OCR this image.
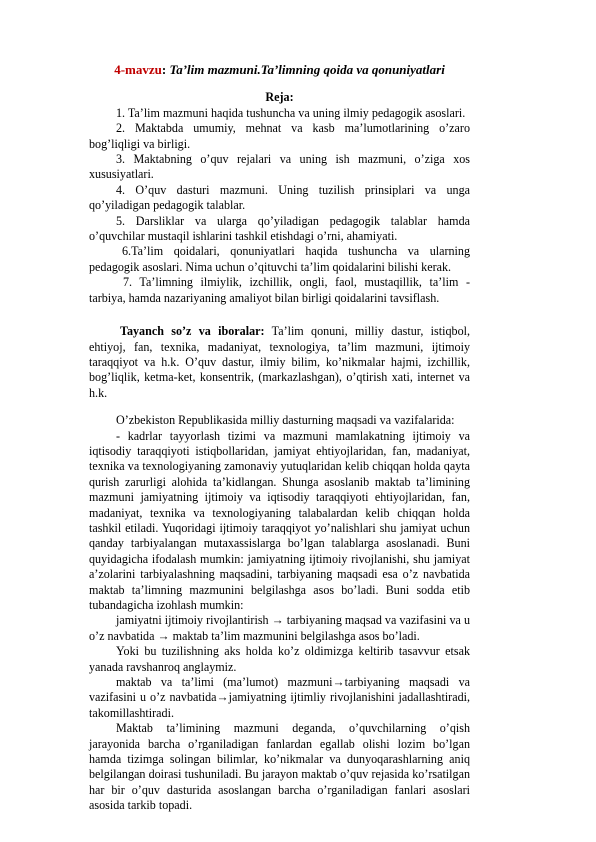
4-mavzu: Ta’lim mazmuni.Ta’limning qoida va qonuniyatlari

Reja:

1. Ta’lim mazmuni haqida tushuncha va uning ilmiy pedagogik asoslari.

2. Maktabda umumiy, mehnat va kasb ma’lumotlarining o’zaro bog’liqligi va birligi.

3. Maktabning o’quv rejalari va uning ish mazmuni, o’ziga xos xususiyatlari.

4. O’quv dasturi mazmuni. Uning tuzilish prinsiplari va unga qo’yiladigan pedagogik talablar.

5. Darsliklar va ularga qo’yiladigan pedagogik talablar hamda o’quvchilar mustaqil ishlarini tashkil etishdagi o’rni, ahamiyati.

6.Ta’lim qoidalari, qonuniyatlari haqida tushuncha va ularning pedagogik asoslari. Nima uchun o’qituvchi ta’lim qoidalarini bilishi kerak.

7. Ta’limning ilmiylik, izchillik, ongli, faol, mustaqillik, ta’lim - tarbiya, hamda nazariyaning amaliyot bilan birligi qoidalarini tavsiflash.

Tayanch so’z va iboralar: Ta’lim qonuni, milliy dastur, istiqbol, ehtiyoj, fan, texnika, madaniyat, texnologiya, ta’lim mazmuni, ijtimoiy taraqqiyot va h.k. O’quv dastur, ilmiy bilim, ko’nikmalar hajmi, izchillik, bog’liqlik, ketma-ket, konsentrik, (markazlashgan), o’qtirish xati, internet va h.k.

O’zbekiston Republikasida milliy dasturning maqsadi va vazifalarida:

- kadrlar tayyorlash tizimi va mazmuni mamlakatning ijtimoiy va iqtisodiy taraqqiyoti istiqbollaridan, jamiyat ehtiyojlaridan, fan, madaniyat, texnika va texnologiyaning zamonaviy yutuqlaridan kelib chiqqan holda qayta qurish zarurligi alohida ta’kidlangan. Shunga asoslanib maktab ta’limining mazmuni jamiyatning ijtimoiy va iqtisodiy taraqqiyoti ehtiyojlaridan, fan, madaniyat, texnika va texnologiyaning talabalardan kelib chiqqan holda tashkil etiladi. Yuqoridagi ijtimoiy taraqqiyot yo’nalishlari shu jamiyat uchun qanday tarbiyalangan mutaxassislarga bo’lgan talablarga asoslanadi. Buni quyidagicha ifodalash mumkin: jamiyatning ijtimoiy rivojlanishi, shu jamiyat a’zolarini tarbiyalashning maqsadini, tarbiyaning maqsadi esa o’z navbatida maktab ta’limning mazmunini belgilashga asos bo’ladi. Buni sodda etib tubandagicha izohlash mumkin:

jamiyatni ijtimoiy rivojlantirish → tarbiyaning maqsad va vazifasini va u o’z navbatida → maktab ta’lim mazmunini belgilashga asos bo’ladi.

Yoki bu tuzilishning aks holda ko’z oldimizga keltirib tasavvur etsak yanada ravshanroq anglaymiz.

maktab va ta’limi (ma’lumot) mazmuni→tarbiyaning maqsadi va vazifasini u o’z navbatida→jamiyatning ijtimliy rivojlanishini jadallashtiradi, takomillashtiradi.

Maktab ta’limining mazmuni deganda, o’quvchilarning o’qish jarayonida barcha o’rganiladigan fanlardan egallab olishi lozim bo’lgan hamda tizimga solingan bilimlar, ko’nikmalar va dunyoqarashlarning aniq belgilangan doirasi tushuniladi. Bu jarayon maktab o’quv rejasida ko’rsatilgan har bir o’quv dasturida asoslangan barcha o’rganiladigan fanlari asoslari asosida tarkib topadi.
